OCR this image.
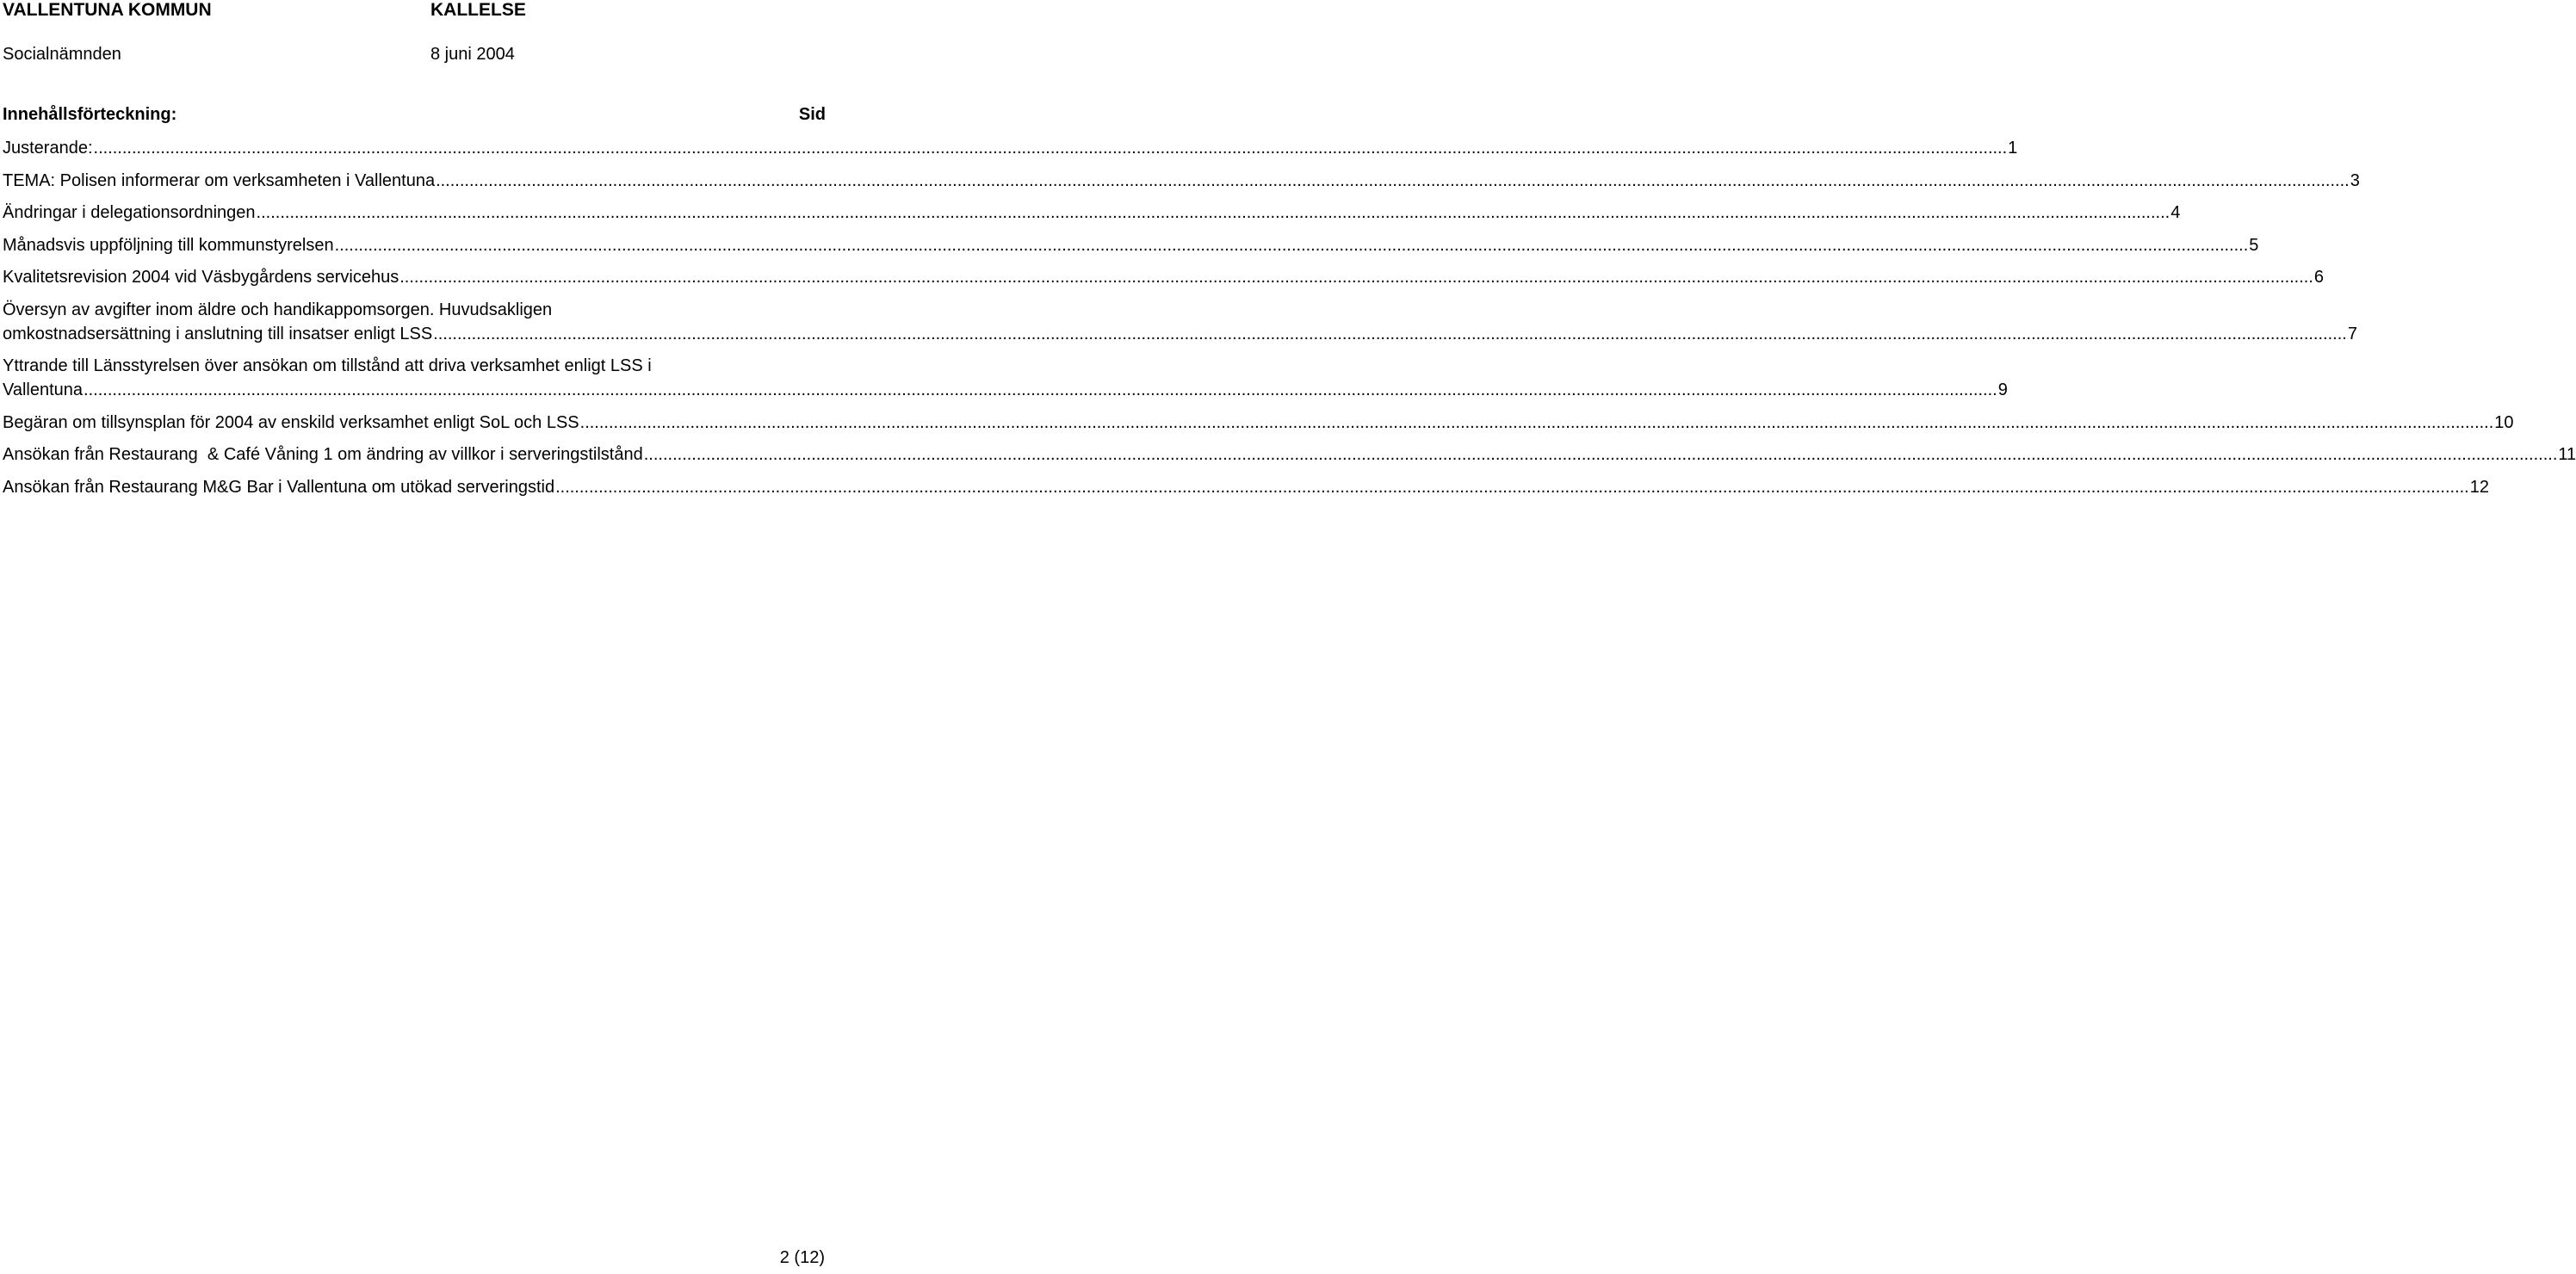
VALLENTUNA KOMMUN	KALLELSE
Socialnämnden	8 juni 2004
Innehållsförteckning:	Sid
Justerande: ................................................................................................................................................................................................................................................................................................................................................................................................................ 1
TEMA: Polisen informerar om verksamheten i Vallentuna ................................................................................................................................................................................................................................................................................................................................................................................................................ 3
Ändringar i delegationsordningen ................................................................................................................................................................................................................................................................................................................................................................................................................ 4
Månadsvis uppföljning till kommunstyrelsen ................................................................................................................................................................................................................................................................................................................................................................................................................ 5
Kvalitetsrevision 2004 vid Väsbygårdens servicehus ................................................................................................................................................................................................................................................................................................................................................................................................................ 6
Översyn av avgifter inom äldre och handikappomsorgen. Huvudsakligen
omkostnadsersättning i anslutning till insatser enligt LSS ................................................................................................................................................................................................................................................................................................................................................................................................................ 7
Yttrande till Länsstyrelsen över ansökan om tillstånd att driva verksamhet enligt LSS i
Vallentuna ................................................................................................................................................................................................................................................................................................................................................................................................................ 9
Begäran om tillsynsplan för 2004 av enskild verksamhet enligt SoL och LSS ................................................................................................................................................................................................................................................................................................................................................................................................................ 10
Ansökan från Restaurang  & Café Våning 1 om ändring av villkor i serveringstilstånd ................................................................................................................................................................................................................................................................................................................................................................................................................ 11
Ansökan från Restaurang M&G Bar i Vallentuna om utökad serveringstid ................................................................................................................................................................................................................................................................................................................................................................................................................ 12
2 (12)
